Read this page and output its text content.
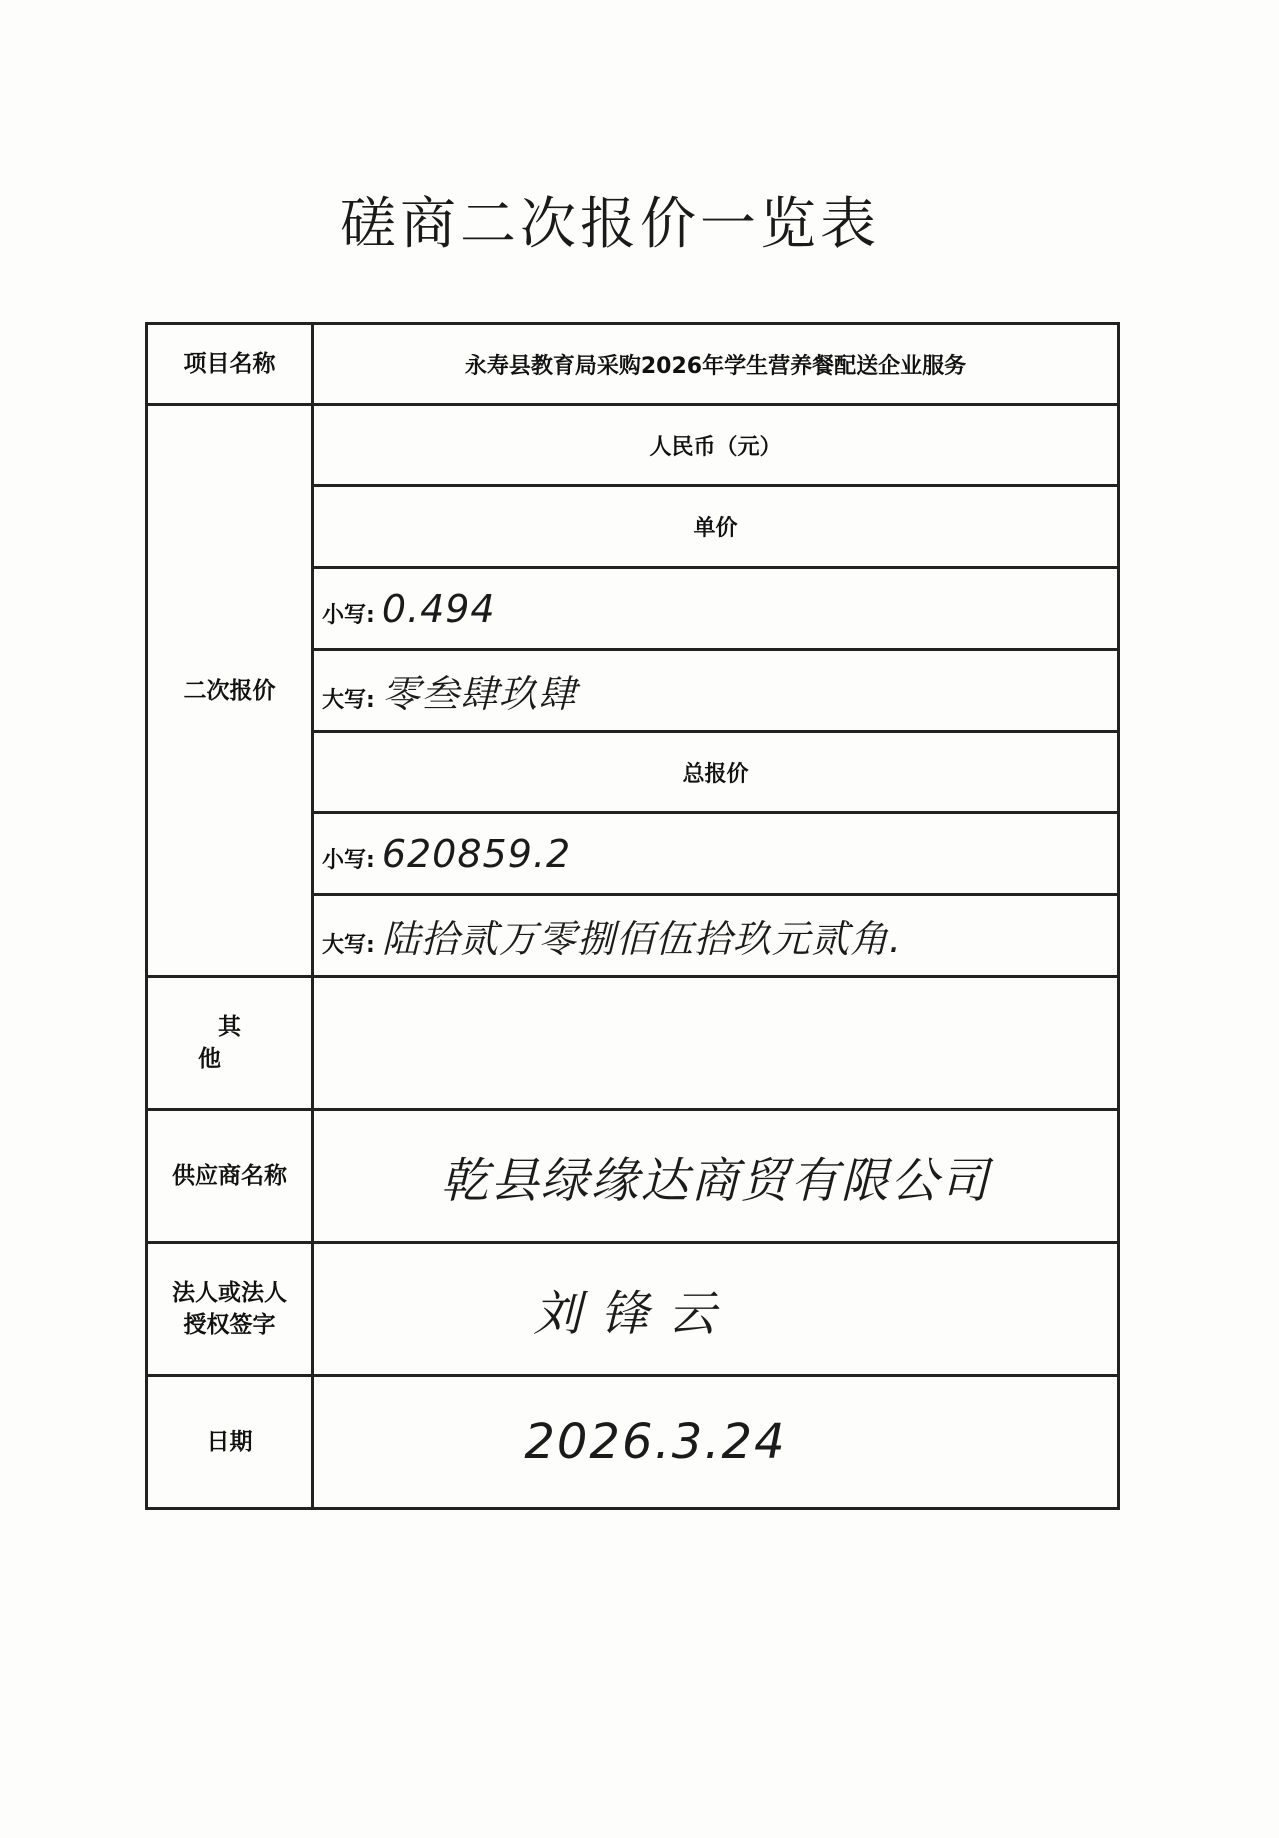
磋商二次报价一览表
项目名称	永寿县教育局采购2026年学生营养餐配送企业服务
二次报价	人民币（元）
	单价
	小写: 0.494
	大写: 零叁肆玖肆
	总报价
	小写: 620859.2
	大写: 陆拾贰万零捌佰伍拾玖元贰角.
其 他	
供应商名称	乾县绿缘达商贸有限公司
法人或法人授权签字	刘 锋 云
日期	2026.3.24
